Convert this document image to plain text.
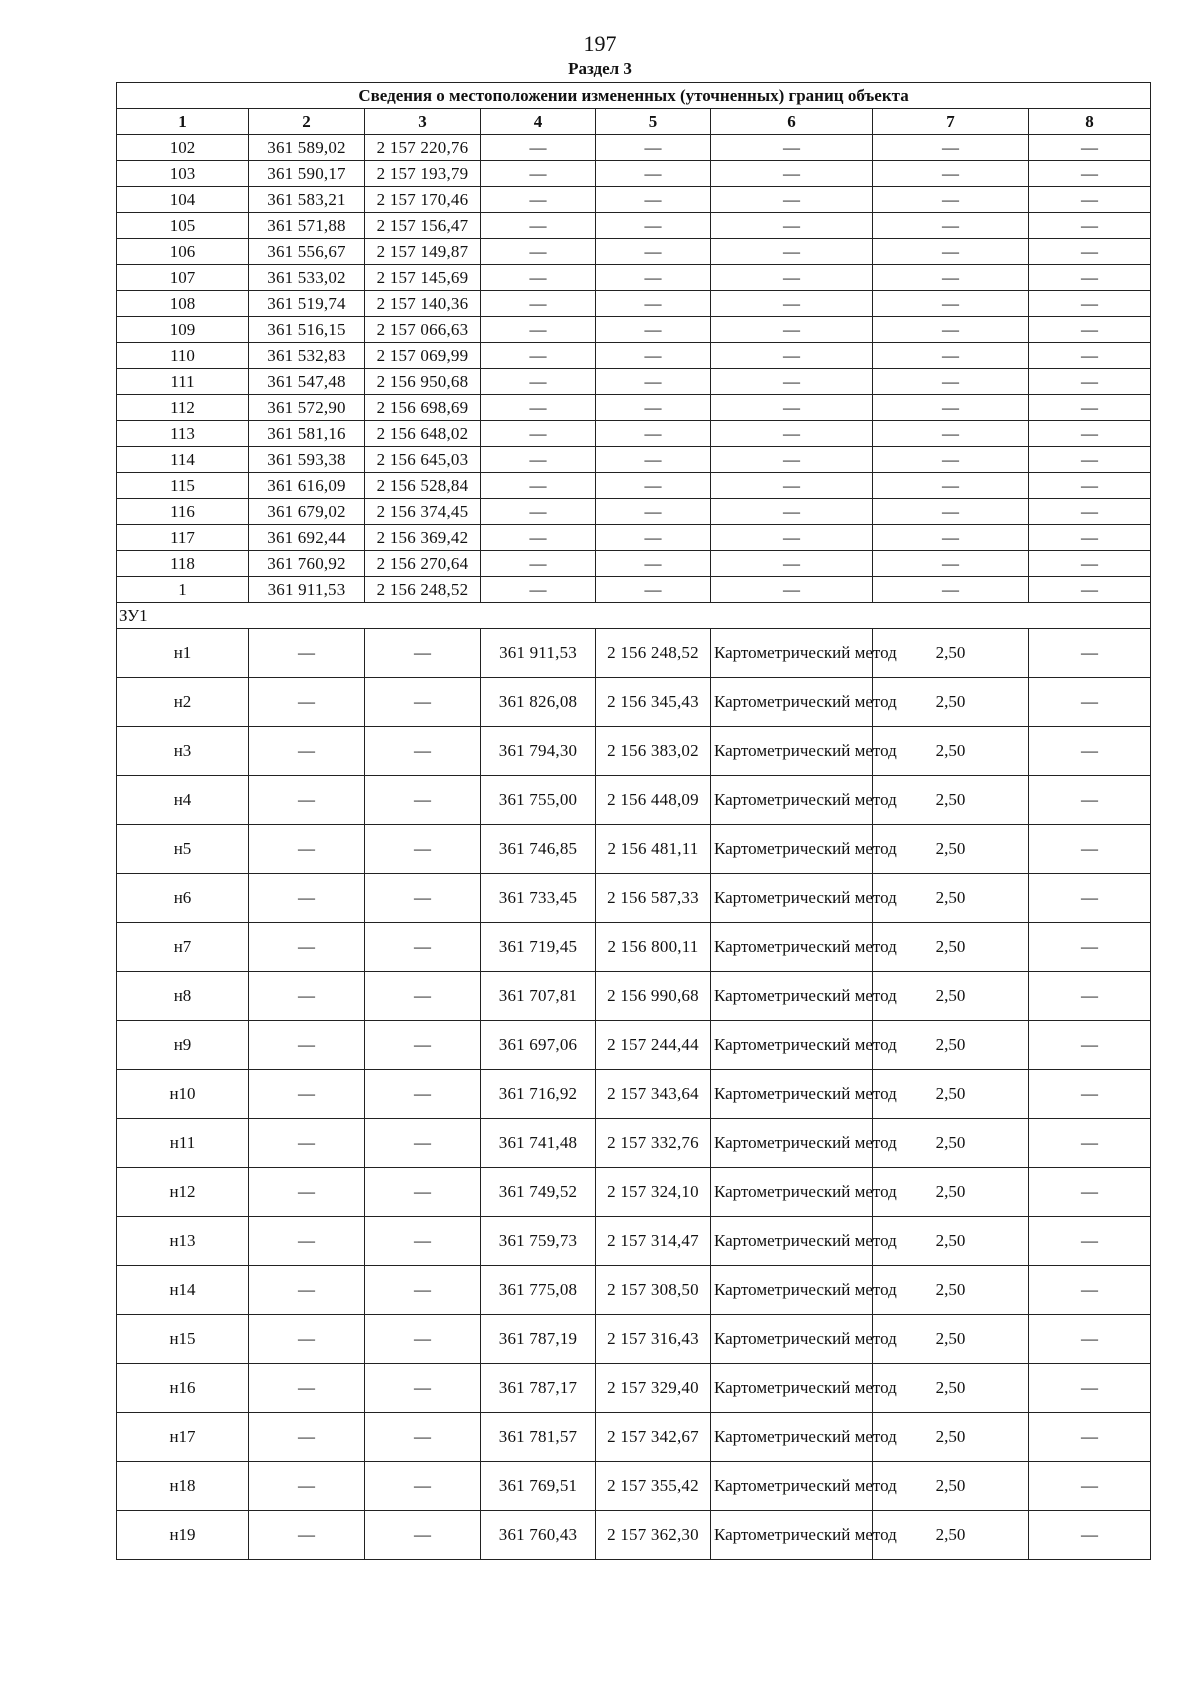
197
Раздел 3
Сведения о местоположении измененных (уточненных) границ объекта							
1	2	3	4	5	6	7	8
102	361 589,02	2 157 220,76	—	—	—	—	—
103	361 590,17	2 157 193,79	—	—	—	—	—
104	361 583,21	2 157 170,46	—	—	—	—	—
105	361 571,88	2 157 156,47	—	—	—	—	—
106	361 556,67	2 157 149,87	—	—	—	—	—
107	361 533,02	2 157 145,69	—	—	—	—	—
108	361 519,74	2 157 140,36	—	—	—	—	—
109	361 516,15	2 157 066,63	—	—	—	—	—
110	361 532,83	2 157 069,99	—	—	—	—	—
111	361 547,48	2 156 950,68	—	—	—	—	—
112	361 572,90	2 156 698,69	—	—	—	—	—
113	361 581,16	2 156 648,02	—	—	—	—	—
114	361 593,38	2 156 645,03	—	—	—	—	—
115	361 616,09	2 156 528,84	—	—	—	—	—
116	361 679,02	2 156 374,45	—	—	—	—	—
117	361 692,44	2 156 369,42	—	—	—	—	—
118	361 760,92	2 156 270,64	—	—	—	—	—
1	361 911,53	2 156 248,52	—	—	—	—	—
ЗУ1							
н1	—	—	361 911,53	2 156 248,52	Картометрический метод	2,50	—
н2	—	—	361 826,08	2 156 345,43	Картометрический метод	2,50	—
н3	—	—	361 794,30	2 156 383,02	Картометрический метод	2,50	—
н4	—	—	361 755,00	2 156 448,09	Картометрический метод	2,50	—
н5	—	—	361 746,85	2 156 481,11	Картометрический метод	2,50	—
н6	—	—	361 733,45	2 156 587,33	Картометрический метод	2,50	—
н7	—	—	361 719,45	2 156 800,11	Картометрический метод	2,50	—
н8	—	—	361 707,81	2 156 990,68	Картометрический метод	2,50	—
н9	—	—	361 697,06	2 157 244,44	Картометрический метод	2,50	—
н10	—	—	361 716,92	2 157 343,64	Картометрический метод	2,50	—
н11	—	—	361 741,48	2 157 332,76	Картометрический метод	2,50	—
н12	—	—	361 749,52	2 157 324,10	Картометрический метод	2,50	—
н13	—	—	361 759,73	2 157 314,47	Картометрический метод	2,50	—
н14	—	—	361 775,08	2 157 308,50	Картометрический метод	2,50	—
н15	—	—	361 787,19	2 157 316,43	Картометрический метод	2,50	—
н16	—	—	361 787,17	2 157 329,40	Картометрический метод	2,50	—
н17	—	—	361 781,57	2 157 342,67	Картометрический метод	2,50	—
н18	—	—	361 769,51	2 157 355,42	Картометрический метод	2,50	—
н19	—	—	361 760,43	2 157 362,30	Картометрический метод	2,50	—
